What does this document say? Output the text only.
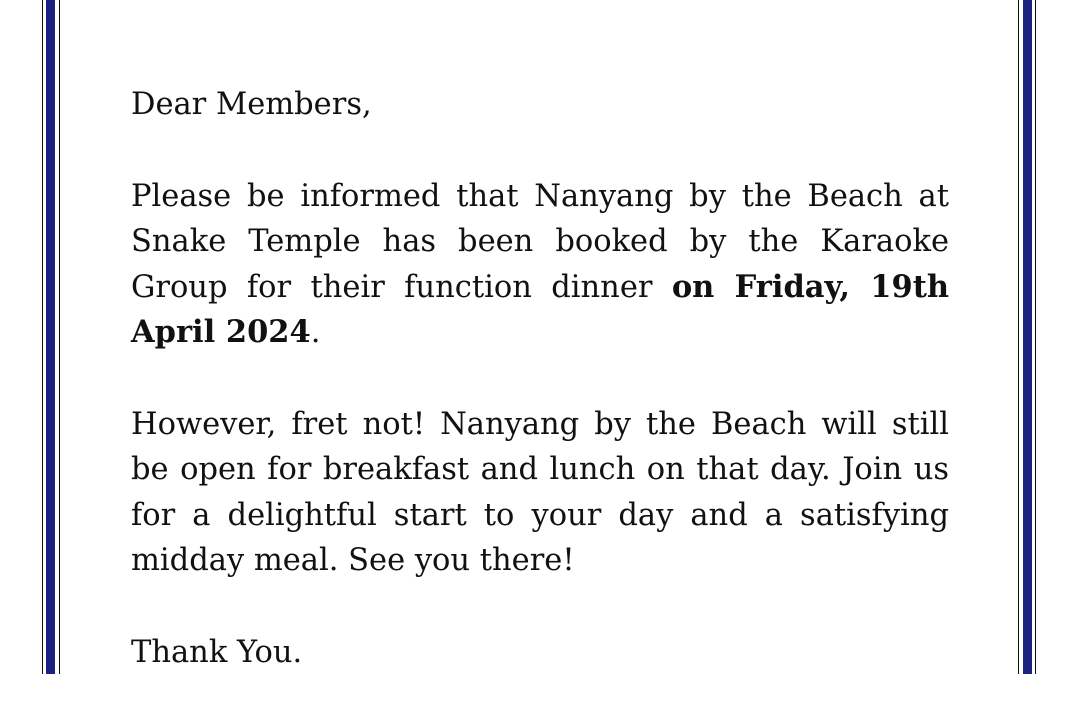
Dear Members,

Please be informed that Nanyang by the Beach at Snake Temple has been booked by the Karaoke Group for their function dinner on Friday, 19th April 2024.

However, fret not! Nanyang by the Beach will still be open for breakfast and lunch on that day. Join us for a delightful start to your day and a satisfying midday meal. See you there!

Thank You.
